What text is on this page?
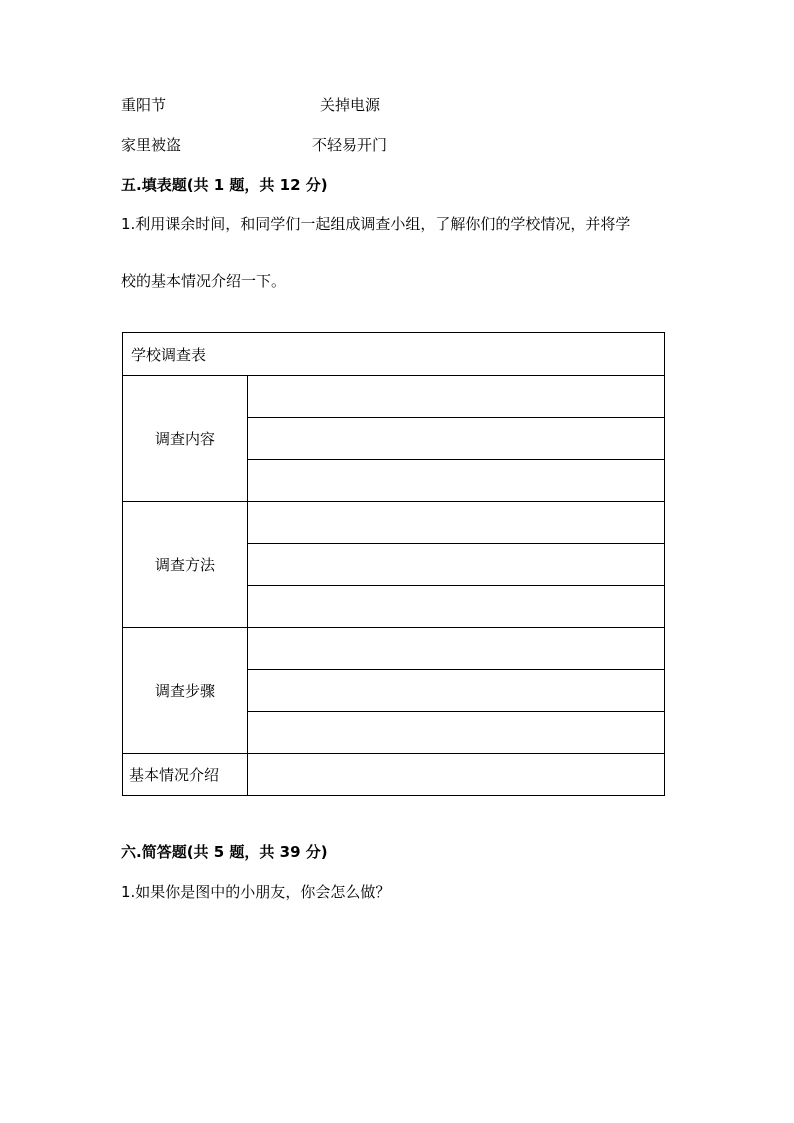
重阳节	关掉电源
家里被盗	不轻易开门
五.填表题(共 1 题，共 12 分)
1.利用课余时间，和同学们一起组成调查小组，了解你们的学校情况，并将学
校的基本情况介绍一下。
学校调查表	
调查内容	

调查方法	

调查步骤	

基本情况介绍	
六.简答题(共 5 题，共 39 分)
1.如果你是图中的小朋友，你会怎么做？
